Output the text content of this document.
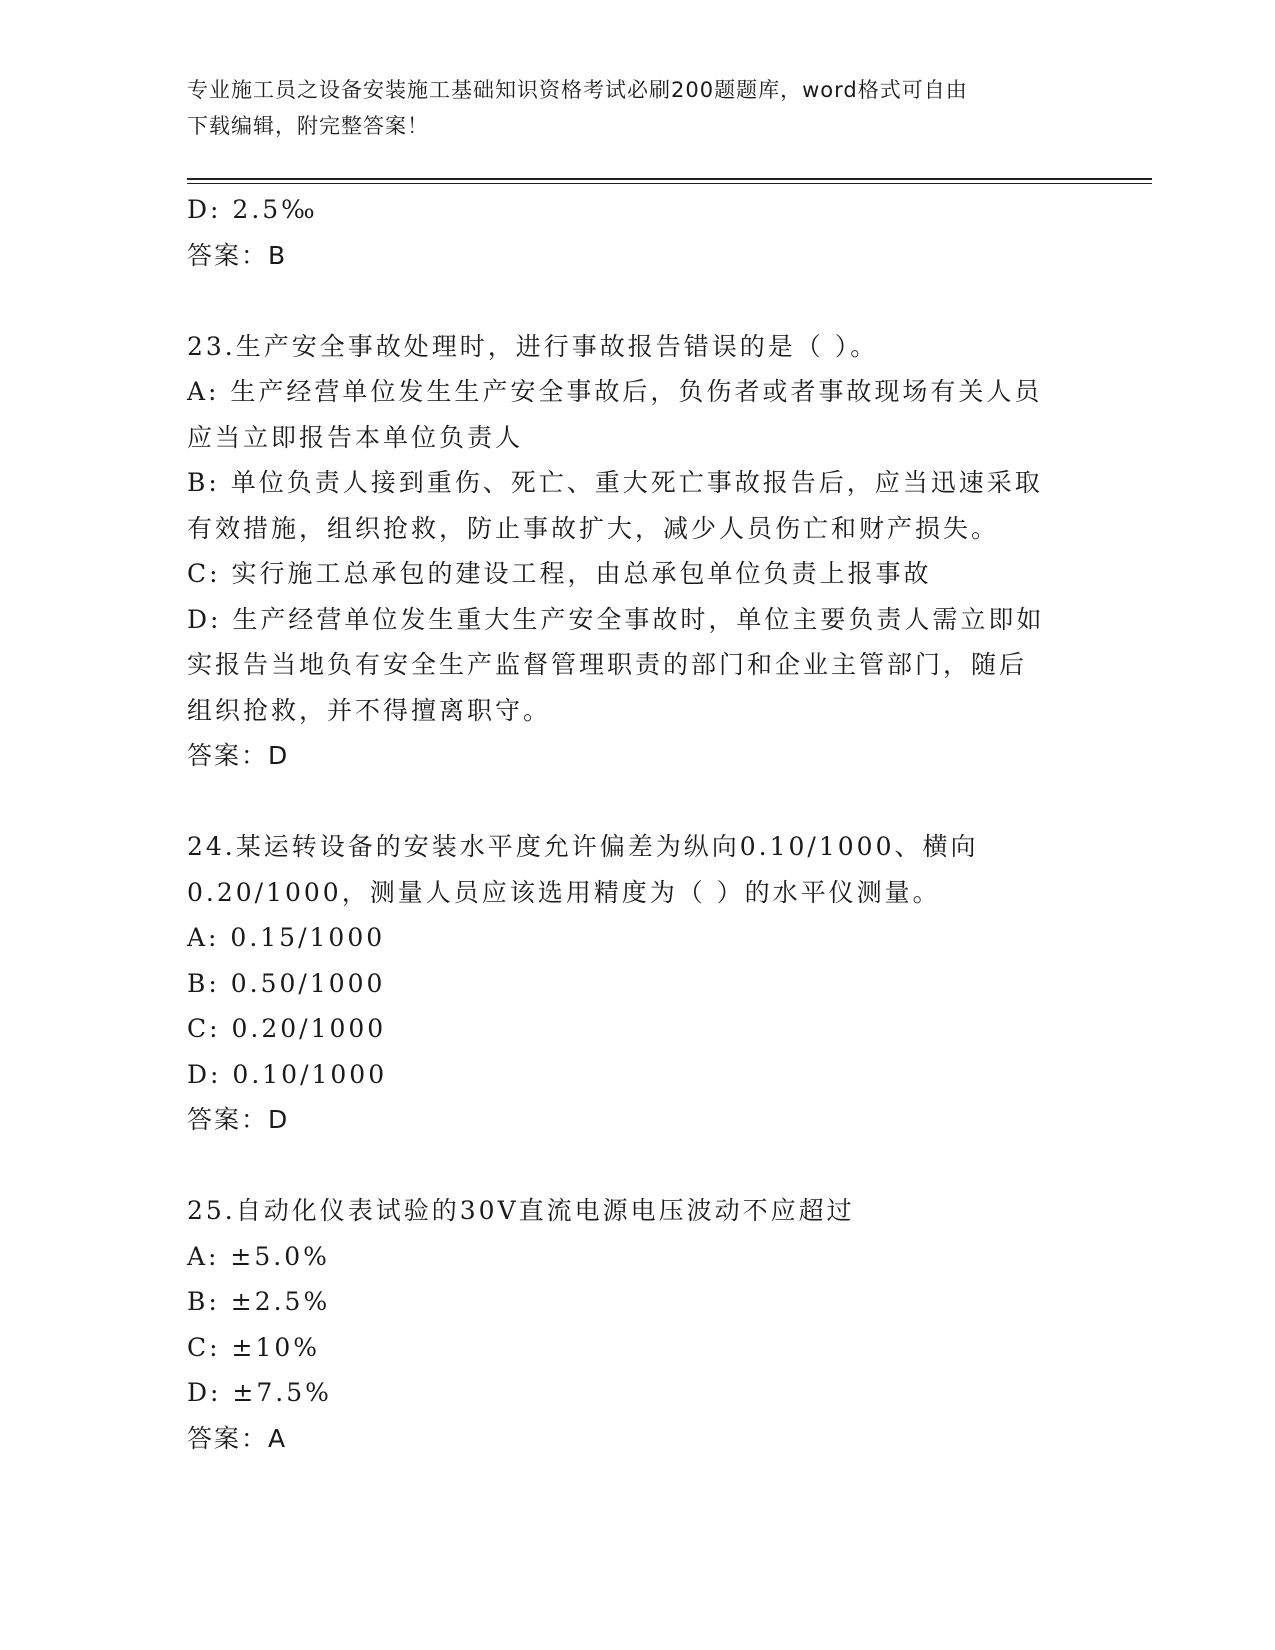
专业施工员之设备安装施工基础知识资格考试必刷200题题库，word格式可自由
下载编辑，附完整答案！
D: 2.5‰
答案：B
23.生产安全事故处理时，进行事故报告错误的是（ ）。
A: 生产经营单位发生生产安全事故后，负伤者或者事故现场有关人员
应当立即报告本单位负责人
B: 单位负责人接到重伤、死亡、重大死亡事故报告后，应当迅速采取
有效措施，组织抢救，防止事故扩大，减少人员伤亡和财产损失。
C: 实行施工总承包的建设工程，由总承包单位负责上报事故
D: 生产经营单位发生重大生产安全事故时，单位主要负责人需立即如
实报告当地负有安全生产监督管理职责的部门和企业主管部门，随后
组织抢救，并不得擅离职守。
答案：D
24.某运转设备的安装水平度允许偏差为纵向0.10/1000、横向
0.20/1000，测量人员应该选用精度为（ ）的水平仪测量。
A: 0.15/1000
B: 0.50/1000
C: 0.20/1000
D: 0.10/1000
答案：D
25.自动化仪表试验的30V直流电源电压波动不应超过
A: ±5.0%
B: ±2.5%
C: ±10%
D: ±7.5%
答案：A
